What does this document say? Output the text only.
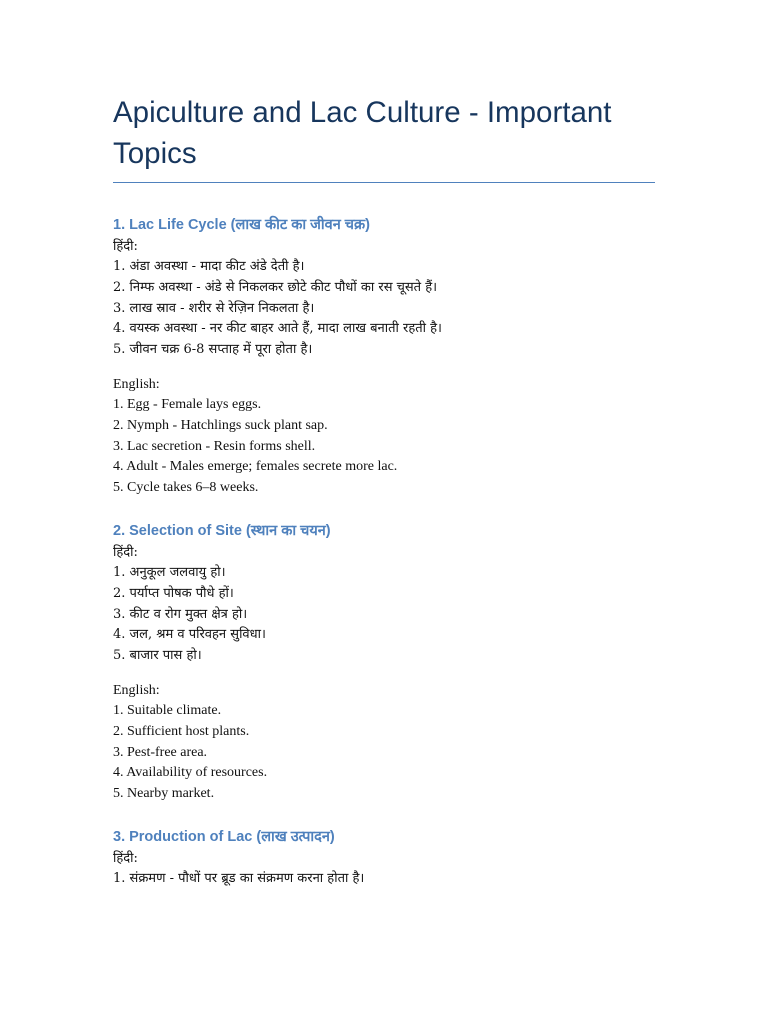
Apiculture and Lac Culture - Important Topics
1. Lac Life Cycle (लाख कीट का जीवन चक्र)
हिंदी:
1. अंडा अवस्था - मादा कीट अंडे देती है।
2. निम्फ अवस्था - अंडे से निकलकर छोटे कीट पौधों का रस चूसते हैं।
3. लाख स्राव - शरीर से रेज़िन निकलता है।
4. वयस्क अवस्था - नर कीट बाहर आते हैं, मादा लाख बनाती रहती है।
5. जीवन चक्र 6-8 सप्ताह में पूरा होता है।
English:
1. Egg - Female lays eggs.
2. Nymph - Hatchlings suck plant sap.
3. Lac secretion - Resin forms shell.
4. Adult - Males emerge; females secrete more lac.
5. Cycle takes 6–8 weeks.
2. Selection of Site (स्थान का चयन)
हिंदी:
1. अनुकूल जलवायु हो।
2. पर्याप्त पोषक पौधे हों।
3. कीट व रोग मुक्त क्षेत्र हो।
4. जल, श्रम व परिवहन सुविधा।
5. बाजार पास हो।
English:
1. Suitable climate.
2. Sufficient host plants.
3. Pest-free area.
4. Availability of resources.
5. Nearby market.
3. Production of Lac (लाख उत्पादन)
हिंदी:
1. संक्रमण - पौधों पर ब्रूड का संक्रमण करना होता है।
